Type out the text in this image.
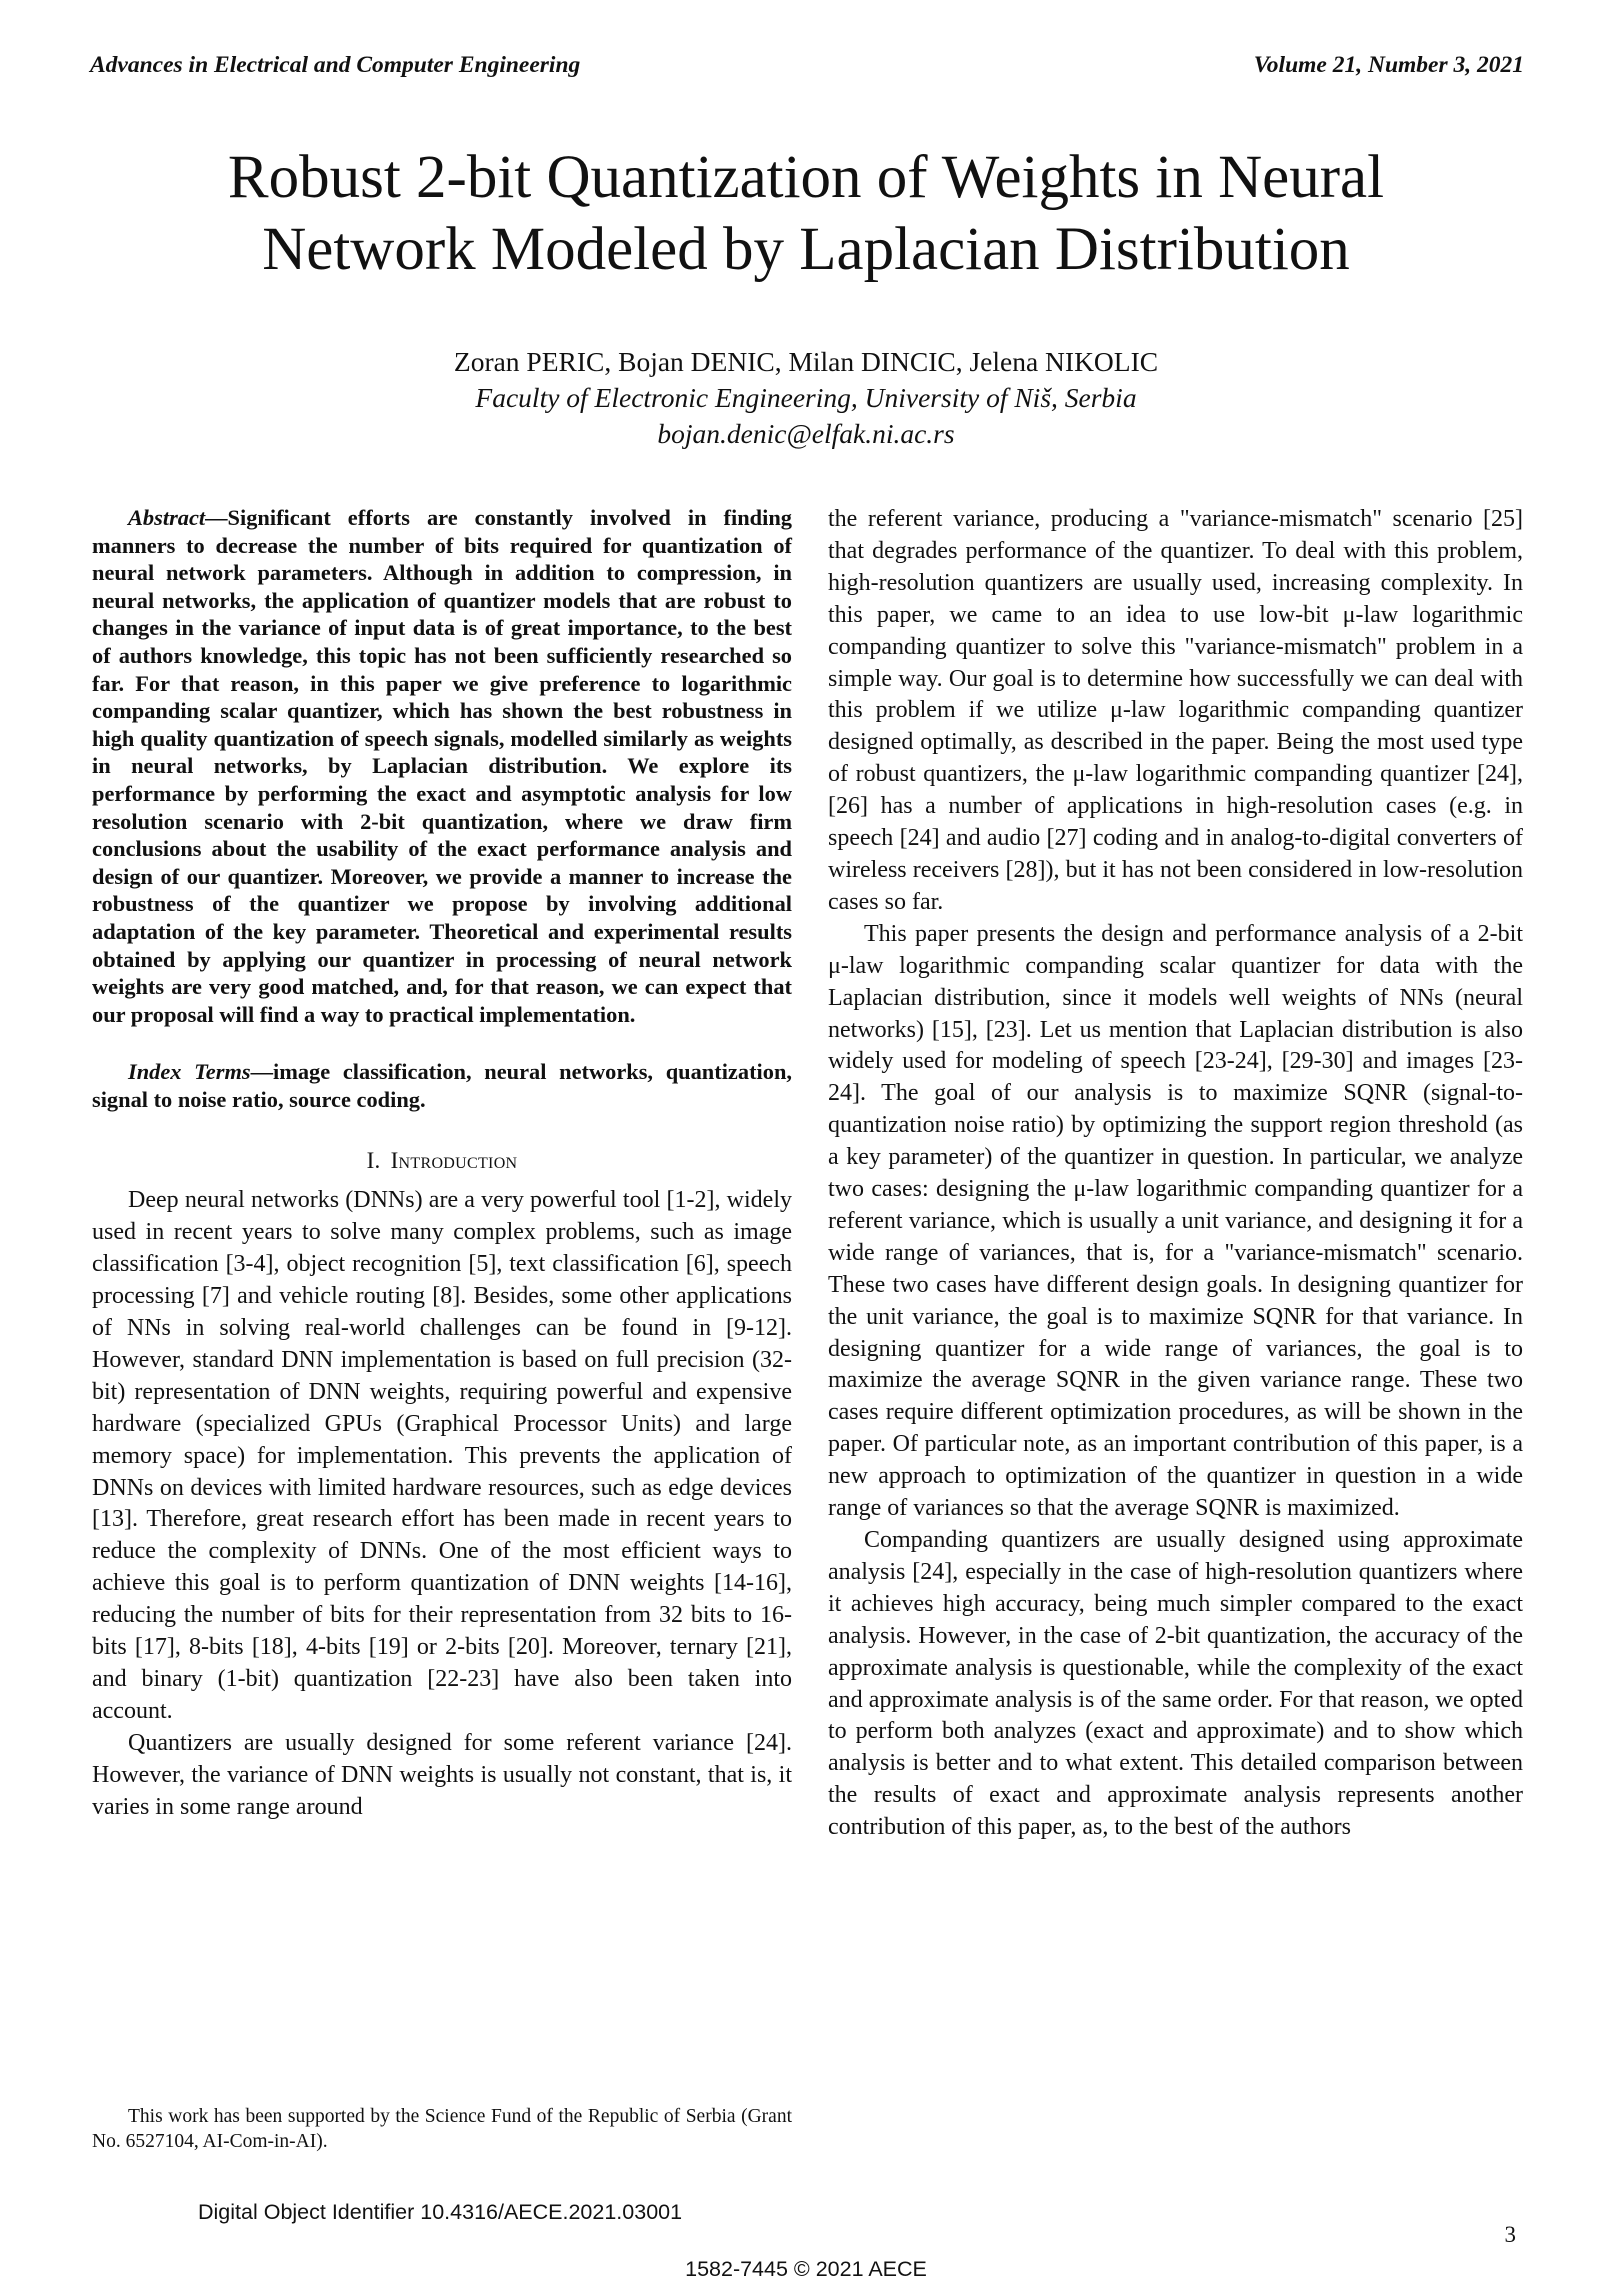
Advances in Electrical and Computer Engineering	Volume 21, Number 3, 2021
Robust 2-bit Quantization of Weights in Neural
Network Modeled by Laplacian Distribution
Zoran PERIC, Bojan DENIC, Milan DINCIC, Jelena NIKOLIC
Faculty of Electronic Engineering, University of Niš, Serbia
bojan.denic@elfak.ni.ac.rs

Abstract—Significant efforts are constantly involved in finding manners to decrease the number of bits required for quantization of neural network parameters. Although in addition to compression, in neural networks, the application of quantizer models that are robust to changes in the variance of input data is of great importance, to the best of authors knowledge, this topic has not been sufficiently researched so far. For that reason, in this paper we give preference to logarithmic companding scalar quantizer, which has shown the best robustness in high quality quantization of speech signals, modelled similarly as weights in neural networks, by Laplacian distribution. We explore its performance by performing the exact and asymptotic analysis for low resolution scenario with 2-bit quantization, where we draw firm conclusions about the usability of the exact performance analysis and design of our quantizer. Moreover, we provide a manner to increase the robustness of the quantizer we propose by involving additional adaptation of the key parameter. Theoretical and experimental results obtained by applying our quantizer in processing of neural network weights are very good matched, and, for that reason, we can expect that our proposal will find a way to practical implementation.

Index Terms—image classification, neural networks, quantization, signal to noise ratio, source coding.

I. Introduction

Deep neural networks (DNNs) are a very powerful tool [1-2], widely used in recent years to solve many complex problems, such as image classification [3-4], object recognition [5], text classification [6], speech processing [7] and vehicle routing [8]. Besides, some other applications of NNs in solving real-world challenges can be found in [9-12]. However, standard DNN implementation is based on full precision (32-bit) representation of DNN weights, requiring powerful and expensive hardware (specialized GPUs (Graphical Processor Units) and large memory space) for implementation. This prevents the application of DNNs on devices with limited hardware resources, such as edge devices [13]. Therefore, great research effort has been made in recent years to reduce the complexity of DNNs. One of the most efficient ways to achieve this goal is to perform quantization of DNN weights [14-16], reducing the number of bits for their representation from 32 bits to 16-bits [17], 8-bits [18], 4-bits [19] or 2-bits [20]. Moreover, ternary [21], and binary (1-bit) quantization [22-23] have also been taken into account.

Quantizers are usually designed for some referent variance [24]. However, the variance of DNN weights is usually not constant, that is, it varies in some range around

the referent variance, producing a "variance-mismatch" scenario [25] that degrades performance of the quantizer. To deal with this problem, high-resolution quantizers are usually used, increasing complexity. In this paper, we came to an idea to use low-bit μ-law logarithmic companding quantizer to solve this "variance-mismatch" problem in a simple way. Our goal is to determine how successfully we can deal with this problem if we utilize μ-law logarithmic companding quantizer designed optimally, as described in the paper. Being the most used type of robust quantizers, the μ-law logarithmic companding quantizer [24], [26] has a number of applications in high-resolution cases (e.g. in speech [24] and audio [27] coding and in analog-to-digital converters of wireless receivers [28]), but it has not been considered in low-resolution cases so far.

This paper presents the design and performance analysis of a 2-bit μ-law logarithmic companding scalar quantizer for data with the Laplacian distribution, since it models well weights of NNs (neural networks) [15], [23]. Let us mention that Laplacian distribution is also widely used for modeling of speech [23-24], [29-30] and images [23-24]. The goal of our analysis is to maximize SQNR (signal-to-quantization noise ratio) by optimizing the support region threshold (as a key parameter) of the quantizer in question. In particular, we analyze two cases: designing the μ-law logarithmic companding quantizer for a referent variance, which is usually a unit variance, and designing it for a wide range of variances, that is, for a "variance-mismatch" scenario. These two cases have different design goals. In designing quantizer for the unit variance, the goal is to maximize SQNR for that variance. In designing quantizer for a wide range of variances, the goal is to maximize the average SQNR in the given variance range. These two cases require different optimization procedures, as will be shown in the paper. Of particular note, as an important contribution of this paper, is a new approach to optimization of the quantizer in question in a wide range of variances so that the average SQNR is maximized.

Companding quantizers are usually designed using approximate analysis [24], especially in the case of high-resolution quantizers where it achieves high accuracy, being much simpler compared to the exact analysis. However, in the case of 2-bit quantization, the accuracy of the approximate analysis is questionable, while the complexity of the exact and approximate analysis is of the same order. For that reason, we opted to perform both analyzes (exact and approximate) and to show which analysis is better and to what extent. This detailed comparison between the results of exact and approximate analysis represents another contribution of this paper, as, to the best of the authors

This work has been supported by the Science Fund of the Republic of Serbia (Grant No. 6527104, AI-Com-in-AI).

Digital Object Identifier 10.4316/AECE.2021.03001
3
1582-7445 © 2021 AECE
